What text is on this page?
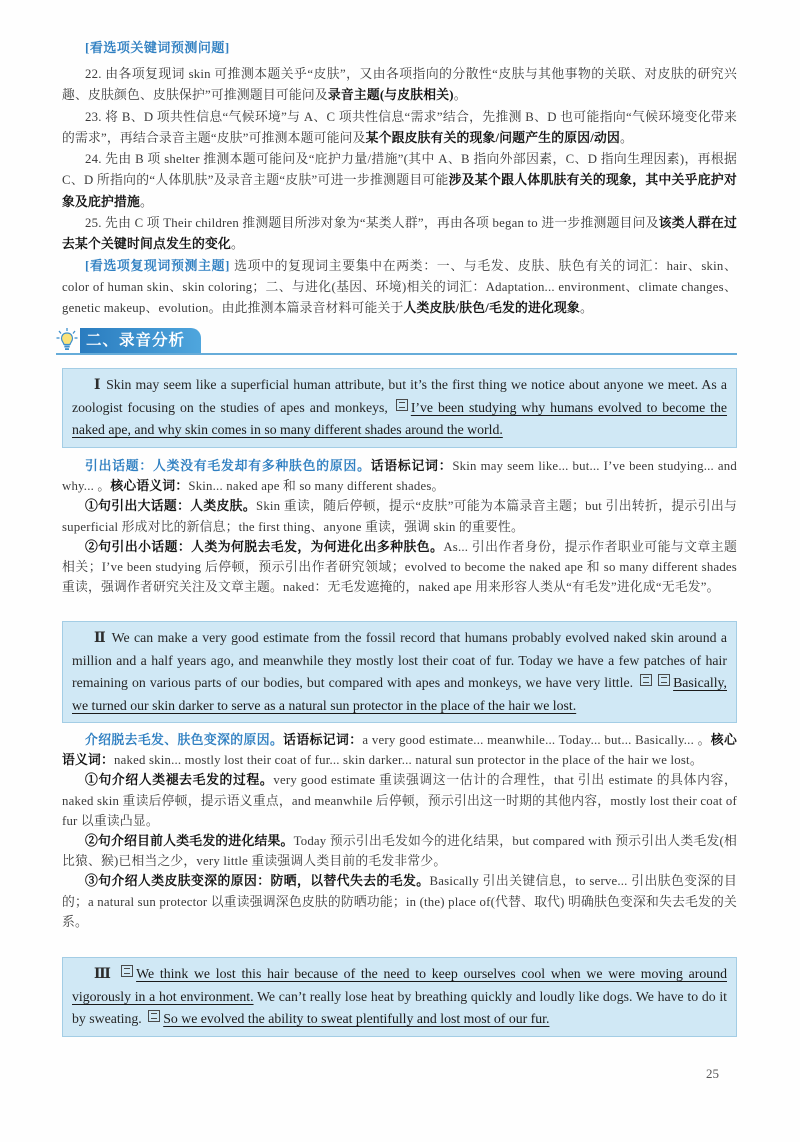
[看选项关键词预测问题]

22. 由各项复现词 skin 可推测本题关乎“皮肤”，又由各项指向的分散性“皮肤与其他事物的关联、对皮肤的研究兴趣、皮肤颜色、皮肤保护”可推测题目可能问及录音主题(与皮肤相关)。

23. 将 B、D 项共性信息“气候环境”与 A、C 项共性信息“需求”结合，先推测 B、D 也可能指向“气候环境变化带来的需求”，再结合录音主题“皮肤”可推测本题可能问及某个跟皮肤有关的现象/问题产生的原因/动因。

24. 先由 B 项 shelter 推测本题可能问及“庇护力量/措施”(其中 A、B 指向外部因素，C、D 指向生理因素)，再根据 C、D 所指向的“人体肌肤”及录音主题“皮肤”可进一步推测题目可能涉及某个跟人体肌肤有关的现象，其中关乎庇护对象及庇护措施。

25. 先由 C 项 Their children 推测题目所涉对象为“某类人群”，再由各项 began to 进一步推测题目问及该类人群在过去某个关键时间点发生的变化。

[看选项复现词预测主题] 选项中的复现词主要集中在两类：一、与毛发、皮肤、肤色有关的词汇：hair、skin、color of human skin、skin coloring；二、与进化(基因、环境)相关的词汇：Adaptation... environment、climate changes、genetic makeup、evolution。由此推测本篇录音材料可能关于人类皮肤/肤色/毛发的进化现象。

二、录音分析
Ⅰ Skin may seem like a superficial human attribute, but it’s the first thing we notice about anyone we meet. As a zoologist focusing on the studies of apes and monkeys, I’ve been studying why humans evolved to become the naked ape, and why skin comes in so many different shades around the world.

引出话题：人类没有毛发却有多种肤色的原因。话语标记词：Skin may seem like... but... I’ve been studying... and why... 。核心语义词：Skin... naked ape 和 so many different shades。

①句引出大话题：人类皮肤。Skin 重读，随后停顿，提示“皮肤”可能为本篇录音主题；but 引出转折，提示引出与 superficial 形成对比的新信息；the first thing、anyone 重读，强调 skin 的重要性。

②句引出小话题：人类为何脱去毛发，为何进化出多种肤色。As... 引出作者身份，提示作者职业可能与文章主题相关；I’ve been studying 后停顿，预示引出作者研究领域；evolved to become the naked ape 和 so many different shades 重读，强调作者研究关注及文章主题。naked：无毛发遮掩的，naked ape 用来形容人类从“有毛发”进化成“无毛发”。

Ⅱ We can make a very good estimate from the fossil record that humans probably evolved naked skin around a million and a half years ago, and meanwhile they mostly lost their coat of fur. Today we have a few patches of hair remaining on various parts of our bodies, but compared with apes and monkeys, we have very little.	Basically, we turned our skin darker to serve as a natural sun protector in the place of the hair we lost.

介绍脱去毛发、肤色变深的原因。话语标记词：a very good estimate... meanwhile... Today... but... Basically... 。核心语义词：naked skin... mostly lost their coat of fur... skin darker... natural sun protector in the place of the hair we lost。

①句介绍人类褪去毛发的过程。very good estimate 重读强调这一估计的合理性，that 引出 estimate 的具体内容，naked skin 重读后停顿，提示语义重点，and meanwhile 后停顿，预示引出这一时期的其他内容，mostly lost their coat of fur 以重读凸显。

②句介绍目前人类毛发的进化结果。Today 预示引出毛发如今的进化结果，but compared with 预示引出人类毛发(相比猿、猴)已相当之少，very little 重读强调人类目前的毛发非常少。

③句介绍人类皮肤变深的原因：防晒，以替代失去的毛发。Basically 引出关键信息，to serve... 引出肤色变深的目的；a natural sun protector 以重读强调深色皮肤的防晒功能；in (the) place of(代替、取代) 明确肤色变深和失去毛发的关系。

Ⅲ We think we lost this hair because of the need to keep ourselves cool when we were moving around vigorously in a hot environment. We can’t really lose heat by breathing quickly and loudly like dogs. We have to do it by sweating. So we evolved the ability to sweat plentifully and lost most of our fur.
25
